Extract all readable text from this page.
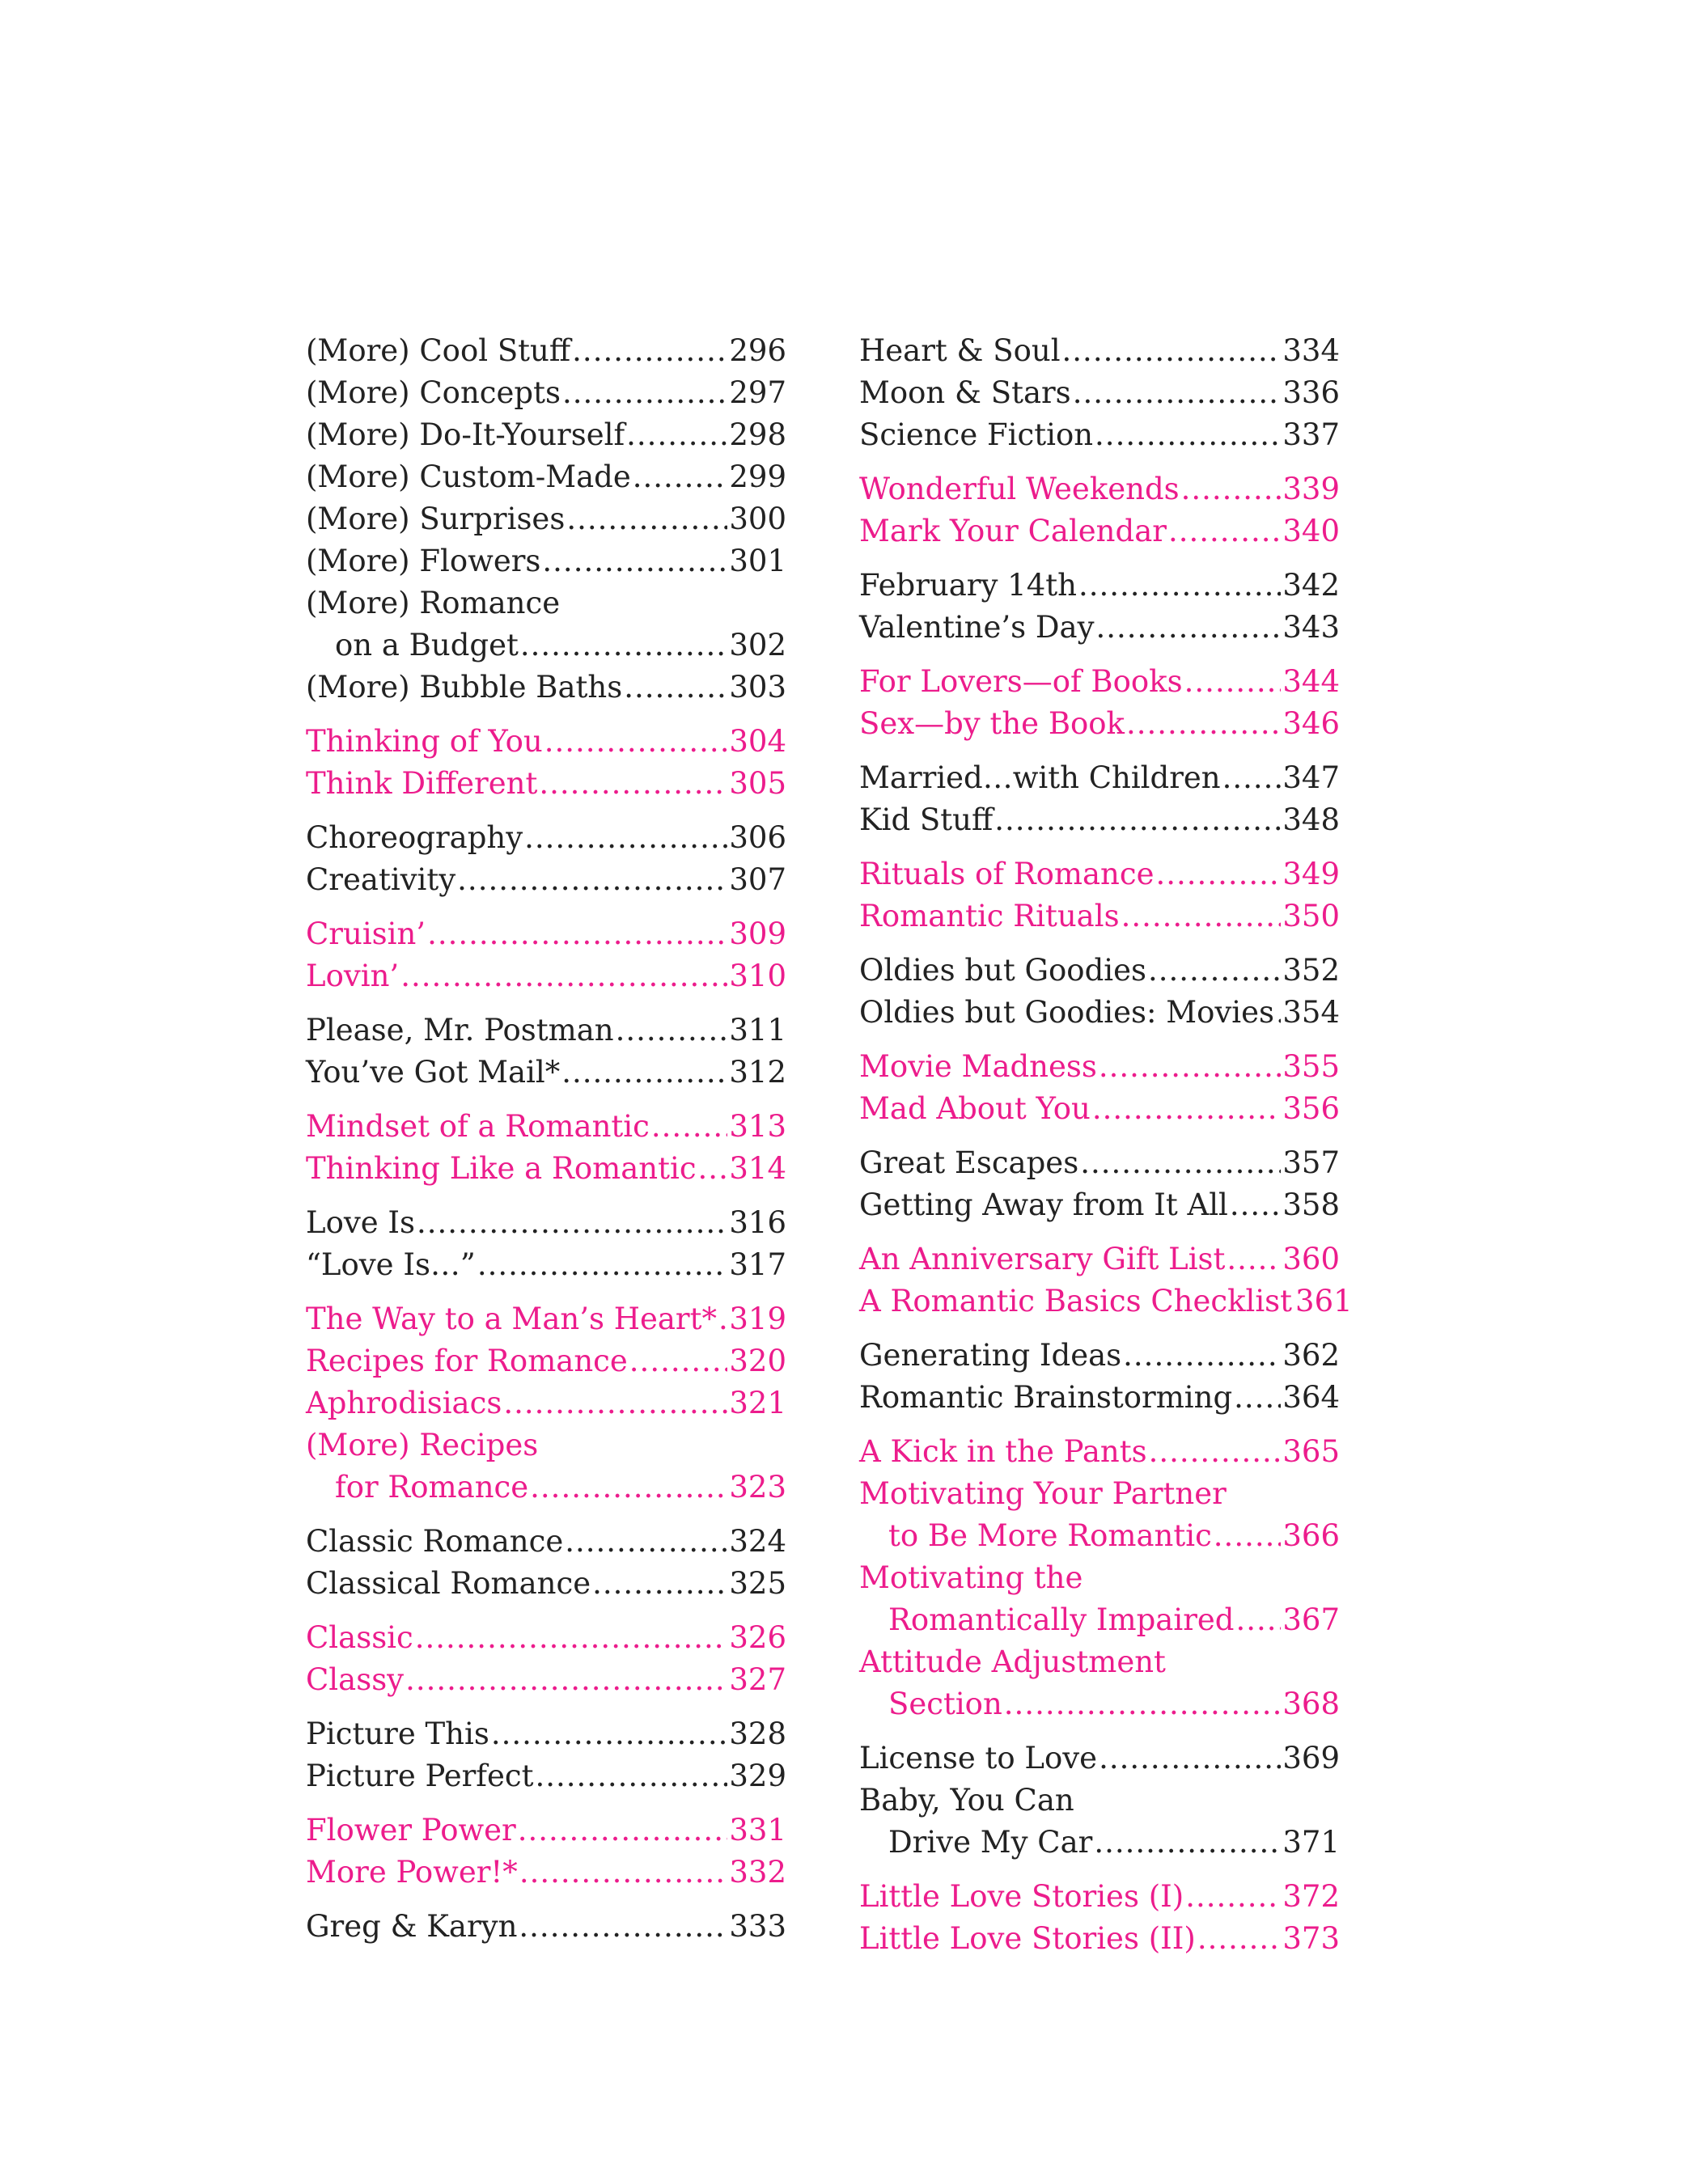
(More) Cool Stuff .....	296
(More) Concepts .....	297
(More) Do-It-Yourself .....	298
(More) Custom-Made .....	299
(More) Surprises .....	300
(More) Flowers .....	301
(More) Romance
on a Budget .....	302
(More) Bubble Baths .....	303
Thinking of You .....	304
Think Different .....	305
Choreography .....	306
Creativity .....	307
Cruisin’ .....	309
Lovin’ .....	310
Please, Mr. Postman .....	311
You’ve Got Mail* .....	312
Mindset of a Romantic .....	313
Thinking Like a Romantic ..... 314
Love Is .....	316
“Love Is…” .....	317
The Way to a Man’s Heart* ..... 319
Recipes for Romance .....	320
Aphrodisiacs .....	321
(More) Recipes
for Romance .....	323
Classic Romance .....	324
Classical Romance .....	325
Classic .....	326
Classy .....	327
Picture This .....	328
Picture Perfect .....	329
Flower Power .....	331
More Power!* .....	332
Greg & Karyn .....	333
Heart & Soul .....	334
Moon & Stars .....	336
Science Fiction .....	337
Wonderful Weekends .....	339
Mark Your Calendar .....	340
February 14th .....	342
Valentine’s Day .....	343
For Lovers—of Books .....	344
Sex—by the Book .....	346
Married…with Children ..... 347
Kid Stuff .....	348
Rituals of Romance .....	349
Romantic Rituals .....	350
Oldies but Goodies .....	352
Oldies but Goodies: Movies ..... 354
Movie Madness .....	355
Mad About You .....	356
Great Escapes .....	357
Getting Away from It All ..... 358
An Anniversary Gift List ..... 360
A Romantic Basics Checklist 361
Generating Ideas .....	362
Romantic Brainstorming ..... 364
A Kick in the Pants .....	365
Motivating Your Partner
to Be More Romantic ..... 366
Motivating the
Romantically Impaired ..... 367
Attitude Adjustment
Section .....	368
License to Love .....	369
Baby, You Can
Drive My Car .....	371
Little Love Stories (I) .....	372
Little Love Stories (II) .....	373
